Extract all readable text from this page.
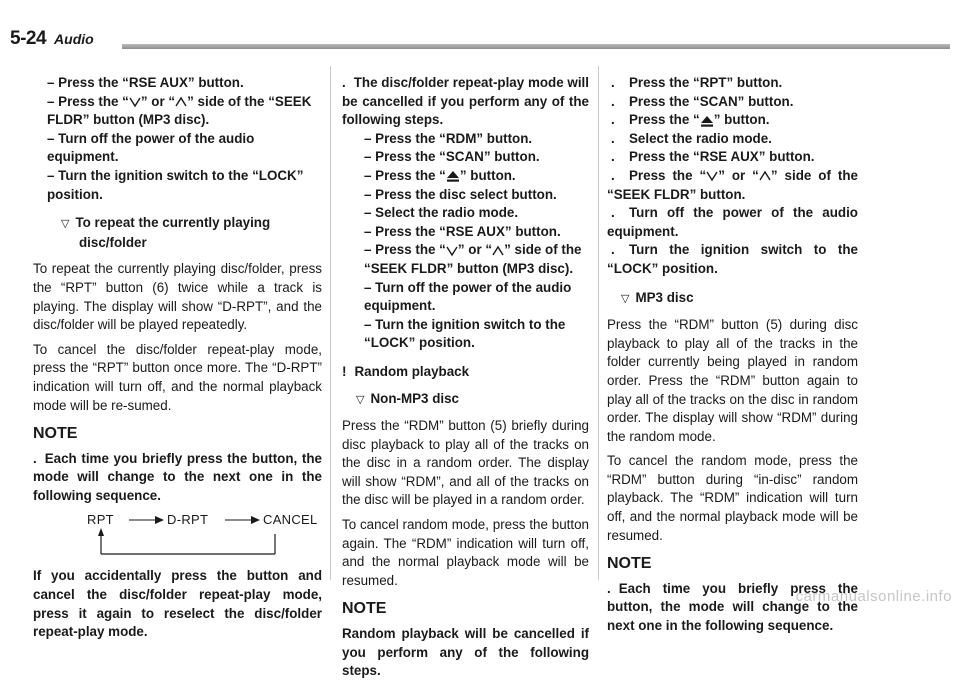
5-24 Audio
– Press the “RSE AUX” button.
– Press the “ ” or “ ” side of the “SEEK FLDR” button (MP3 disc).
– Turn off the power of the audio equipment.
– Turn the ignition switch to the “LOCK” position.
▽ To repeat the currently playing disc/folder
To repeat the currently playing disc/folder, press the “RPT” button (6) twice while a track is playing. The display will show “D-RPT”, and the disc/folder will be played repeatedly.
To cancel the disc/folder repeat-play mode, press the “RPT” button once more. The “D-RPT” indication will turn off, and the normal playback mode will be re-sumed.
NOTE
. Each time you briefly press the button, the mode will change to the next one in the following sequence.
RPT	D-RPT	CANCEL
If you accidentally press the button and cancel the disc/folder repeat-play mode, press it again to reselect the disc/folder repeat-play mode.
. The disc/folder repeat-play mode will be cancelled if you perform any of the following steps.
– Press the “RDM” button.
– Press the “SCAN” button.
– Press the “ ” button.
– Press the disc select button.
– Select the radio mode.
– Press the “RSE AUX” button.
– Press the “ ” or “ ” side of the “SEEK FLDR” button (MP3 disc).
– Turn off the power of the audio equipment.
– Turn the ignition switch to the “LOCK” position.
! Random playback
▽ Non-MP3 disc
Press the “RDM” button (5) briefly during disc playback to play all of the tracks on the disc in a random order. The display will show “RDM”, and all of the tracks on the disc will be played in a random order.
To cancel random mode, press the button again. The “RDM” indication will turn off, and the normal playback mode will be resumed.
NOTE
Random playback will be cancelled if you perform any of the following steps.
. Press the “RPT” button.
. Press the “SCAN” button.
. Press the “ ” button.
. Select the radio mode.
. Press the “RSE AUX” button.
. Press the “ ” or “ ” side of the “SEEK FLDR” button.
. Turn off the power of the audio equipment.
. Turn the ignition switch to the “LOCK” position.
▽ MP3 disc
Press the “RDM” button (5) during disc playback to play all of the tracks in the folder currently being played in random order. Press the “RDM” button again to play all of the tracks on the disc in random order. The display will show “RDM” during the random mode.
To cancel the random mode, press the “RDM” button during “in-disc” random playback. The “RDM” indication will turn off, and the normal playback mode will be resumed.
NOTE
. Each time you briefly press the button, the mode will change to the next one in the following sequence.
carmanualsonline.info
